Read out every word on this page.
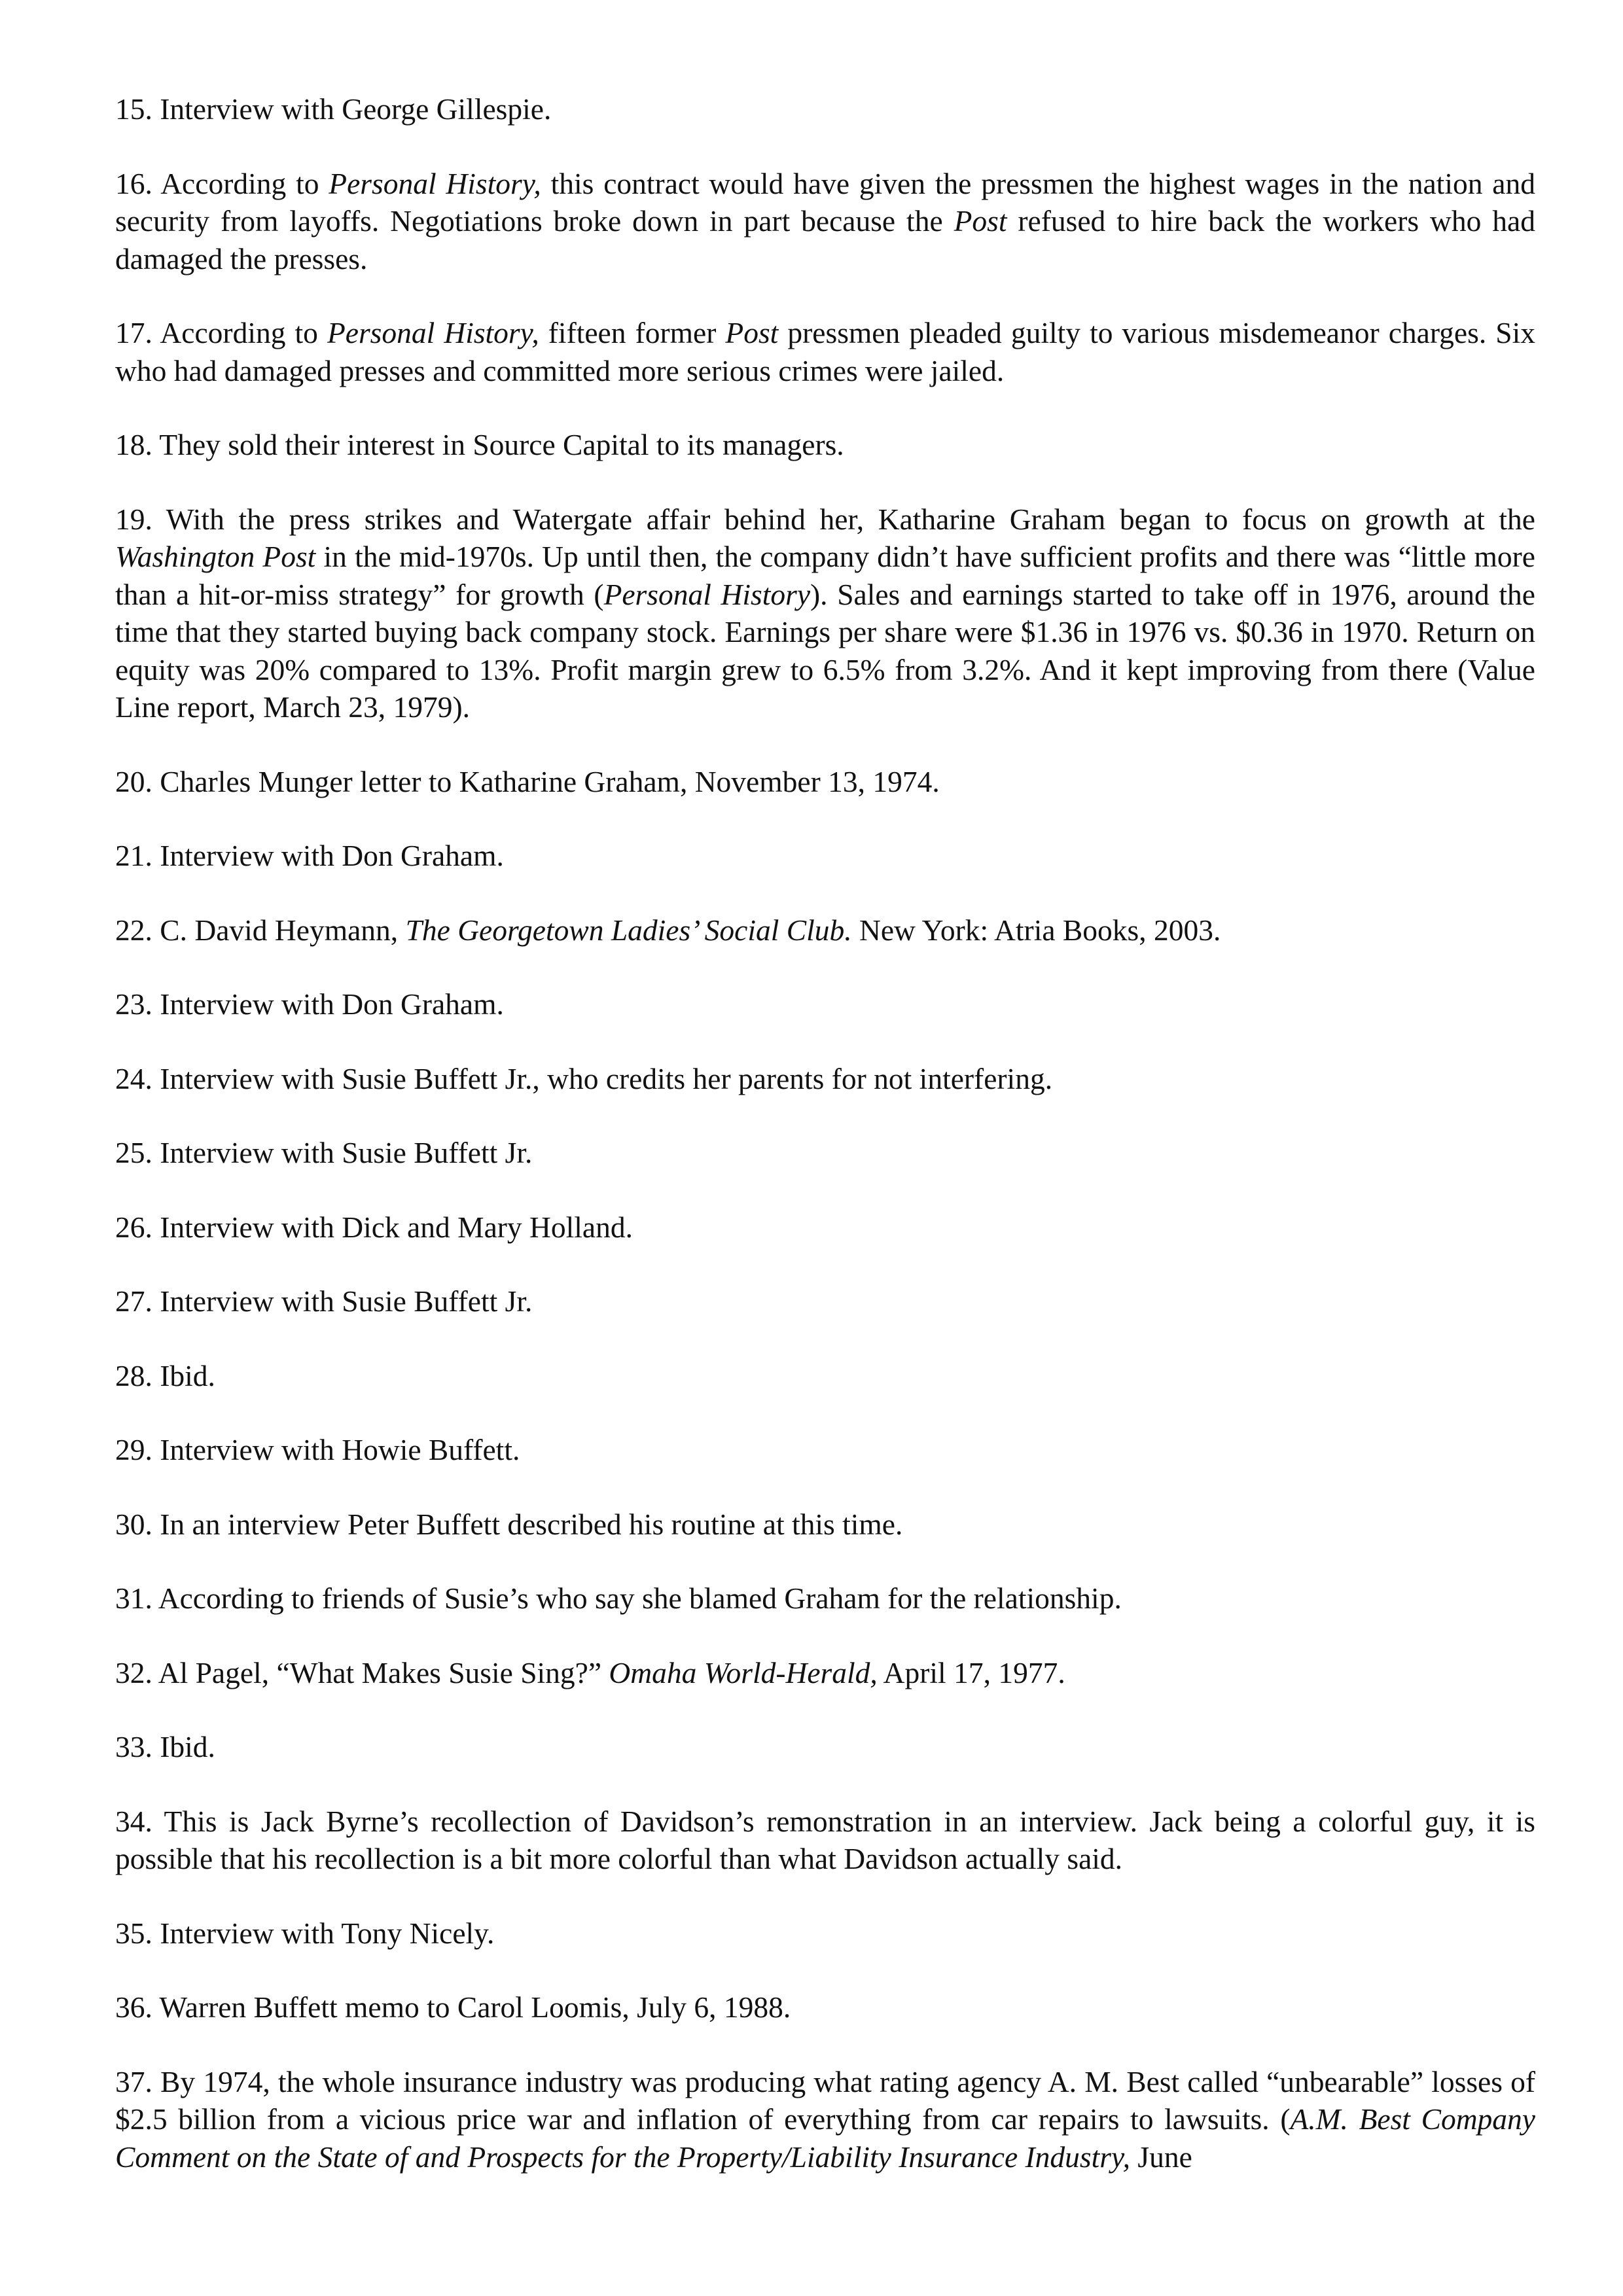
15. Interview with George Gillespie.

16. According to Personal History, this contract would have given the pressmen the highest wages in the nation and security from layoffs. Negotiations broke down in part because the Post refused to hire back the workers who had damaged the presses.

17. According to Personal History, fifteen former Post pressmen pleaded guilty to various misdemeanor charges. Six who had damaged presses and committed more serious crimes were jailed.

18. They sold their interest in Source Capital to its managers.

19. With the press strikes and Watergate affair behind her, Katharine Graham began to focus on growth at the Washington Post in the mid-1970s. Up until then, the company didn’t have sufficient profits and there was “little more than a hit-or-miss strategy” for growth (Personal History). Sales and earnings started to take off in 1976, around the time that they started buying back company stock. Earnings per share were $1.36 in 1976 vs. $0.36 in 1970. Return on equity was 20% compared to 13%. Profit margin grew to 6.5% from 3.2%. And it kept improving from there (Value Line report, March 23, 1979).

20. Charles Munger letter to Katharine Graham, November 13, 1974.

21. Interview with Don Graham.

22. C. David Heymann, The Georgetown Ladies’ Social Club. New York: Atria Books, 2003.

23. Interview with Don Graham.

24. Interview with Susie Buffett Jr., who credits her parents for not interfering.

25. Interview with Susie Buffett Jr.

26. Interview with Dick and Mary Holland.

27. Interview with Susie Buffett Jr.

28. Ibid.

29. Interview with Howie Buffett.

30. In an interview Peter Buffett described his routine at this time.

31. According to friends of Susie’s who say she blamed Graham for the relationship.

32. Al Pagel, “What Makes Susie Sing?” Omaha World-Herald, April 17, 1977.

33. Ibid.

34. This is Jack Byrne’s recollection of Davidson’s remonstration in an interview. Jack being a colorful guy, it is possible that his recollection is a bit more colorful than what Davidson actually said.

35. Interview with Tony Nicely.

36. Warren Buffett memo to Carol Loomis, July 6, 1988.

37. By 1974, the whole insurance industry was producing what rating agency A. M. Best called “unbearable” losses of $2.5 billion from a vicious price war and inflation of everything from car repairs to lawsuits. (A.M. Best Company Comment on the State of and Prospects for the Property/Liability Insurance Industry, June
